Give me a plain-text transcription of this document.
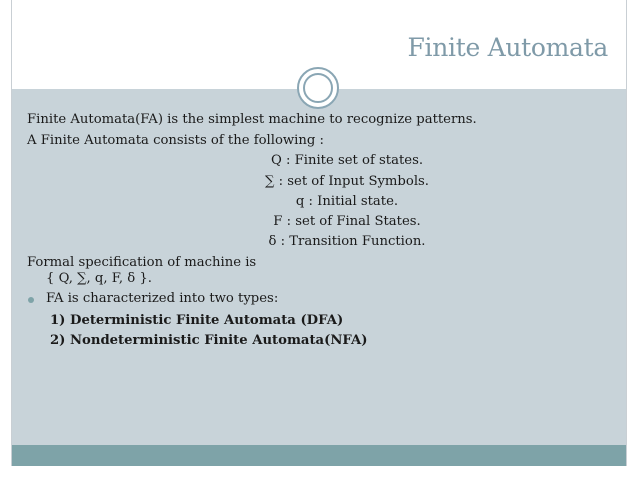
Finite Automata
Finite Automata(FA) is the simplest machine to recognize patterns.
A Finite Automata consists of the following :
Q : Finite set of states.
∑ : set of Input Symbols.
q : Initial state.
F : set of Final States.
δ : Transition Function.
Formal specification of machine is
{ Q, ∑, q, F, δ }.
FA is characterized into two types:
1) Deterministic Finite Automata (DFA)
2) Nondeterministic Finite Automata(NFA)
